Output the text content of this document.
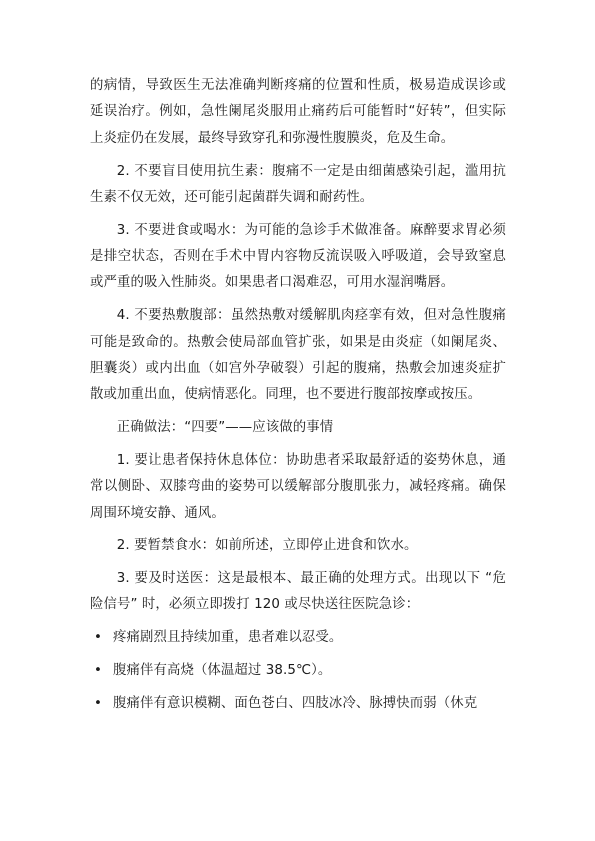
的病情，导致医生无法准确判断疼痛的位置和性质，极易造成误诊或延误治疗。例如，急性阑尾炎服用止痛药后可能暂时“好转”，但实际上炎症仍在发展，最终导致穿孔和弥漫性腹膜炎，危及生命。

2. 不要盲目使用抗生素：腹痛不一定是由细菌感染引起，滥用抗生素不仅无效，还可能引起菌群失调和耐药性。

3. 不要进食或喝水：为可能的急诊手术做准备。麻醉要求胃必须是排空状态，否则在手术中胃内容物反流误吸入呼吸道，会导致窒息或严重的吸入性肺炎。如果患者口渴难忍，可用水湿润嘴唇。

4. 不要热敷腹部：虽然热敷对缓解肌肉痉挛有效，但对急性腹痛可能是致命的。热敷会使局部血管扩张，如果是由炎症（如阑尾炎、胆囊炎）或内出血（如宫外孕破裂）引起的腹痛，热敷会加速炎症扩散或加重出血，使病情恶化。同理，也不要进行腹部按摩或按压。

正确做法：“四要”——应该做的事情

1. 要让患者保持休息体位：协助患者采取最舒适的姿势休息，通常以侧卧、双膝弯曲的姿势可以缓解部分腹肌张力，减轻疼痛。确保周围环境安静、通风。

2. 要暂禁食水：如前所述，立即停止进食和饮水。

3. 要及时送医：这是最根本、最正确的处理方式。出现以下 “危险信号” 时，必须立即拨打 120 或尽快送往医院急诊：

• 疼痛剧烈且持续加重，患者难以忍受。
• 腹痛伴有高烧（体温超过 38.5℃）。
• 腹痛伴有意识模糊、面色苍白、四肢冰冷、脉搏快而弱（休克
